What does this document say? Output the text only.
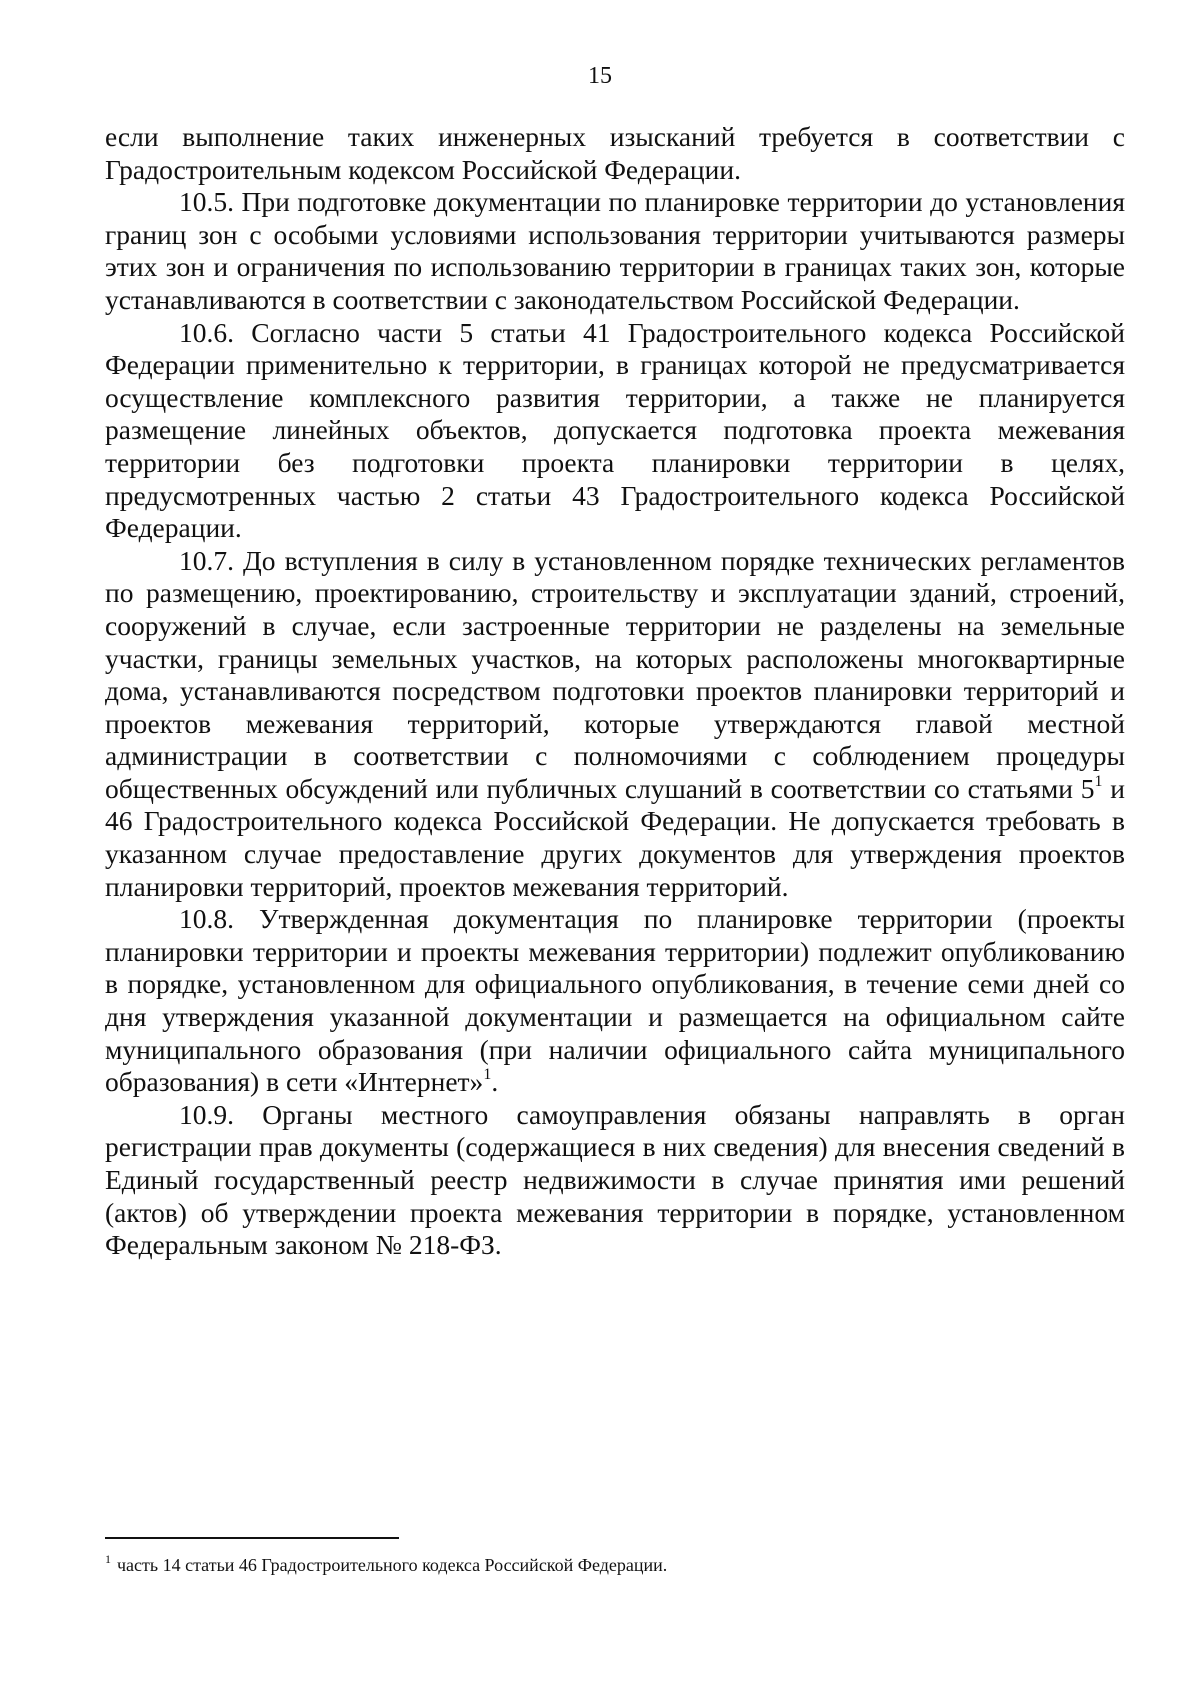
15

если выполнение таких инженерных изысканий требуется в соответствии с Градостроительным кодексом Российской Федерации.

10.5. При подготовке документации по планировке территории до установления границ зон с особыми условиями использования территории учитываются размеры этих зон и ограничения по использованию территории в границах таких зон, которые устанавливаются в соответствии с законодательством Российской Федерации.

10.6. Согласно части 5 статьи 41 Градостроительного кодекса Российской Федерации применительно к территории, в границах которой не предусматривается осуществление комплексного развития территории, а также не планируется размещение линейных объектов, допускается подготовка проекта межевания территории без подготовки проекта планировки территории в целях, предусмотренных частью 2 статьи 43 Градостроительного кодекса Российской Федерации.

10.7. До вступления в силу в установленном порядке технических регламентов по размещению, проектированию, строительству и эксплуатации зданий, строений, сооружений в случае, если застроенные территории не разделены на земельные участки, границы земельных участков, на которых расположены многоквартирные дома, устанавливаются посредством подготовки проектов планировки территорий и проектов межевания территорий, которые утверждаются главой местной администрации в соответствии с полномочиями с соблюдением процедуры общественных обсуждений или публичных слушаний в соответствии со статьями 5$^1$ и 46 Градостроительного кодекса Российской Федерации. Не допускается требовать в указанном случае предоставление других документов для утверждения проектов планировки территорий, проектов межевания территорий.

10.8. Утвержденная документация по планировке территории (проекты планировки территории и проекты межевания территории) подлежит опубликованию в порядке, установленном для официального опубликования, в течение семи дней со дня утверждения указанной документации и размещается на официальном сайте муниципального образования (при наличии официального сайта муниципального образования) в сети «Интернет»$^1$.

10.9. Органы местного самоуправления обязаны направлять в орган регистрации прав документы (содержащиеся в них сведения) для внесения сведений в Единый государственный реестр недвижимости в случае принятия ими решений (актов) об утверждении проекта межевания территории в порядке, установленном Федеральным законом № 218-ФЗ.

$^1$ часть 14 статьи 46 Градостроительного кодекса Российской Федерации.
